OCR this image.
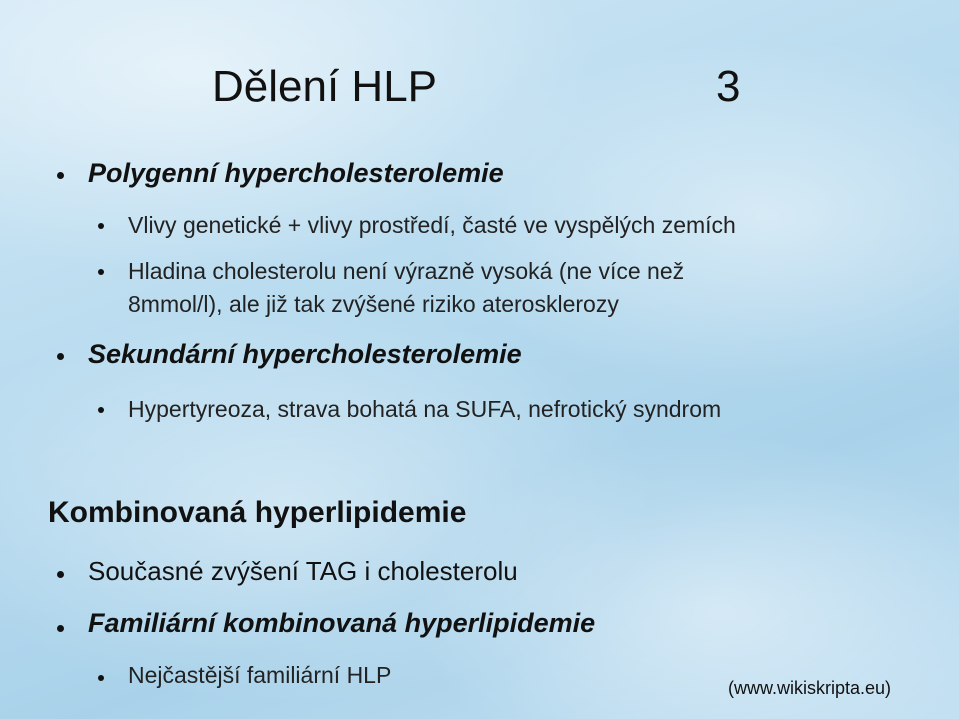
Dělení HLP	3
Polygenní hypercholesterolemie
Vlivy genetické + vlivy prostředí, časté ve vyspělých zemích
Hladina cholesterolu není výrazně vysoká (ne více než
8mmol/l), ale již tak zvýšené riziko aterosklerozy
Sekundární hypercholesterolemie
Hypertyreoza, strava bohatá na SUFA, nefrotický syndrom
Kombinovaná hyperlipidemie
Současné zvýšení TAG i cholesterolu
Familiární kombinovaná hyperlipidemie
Nejčastější familiární HLP	(www.wikiskripta.eu)
